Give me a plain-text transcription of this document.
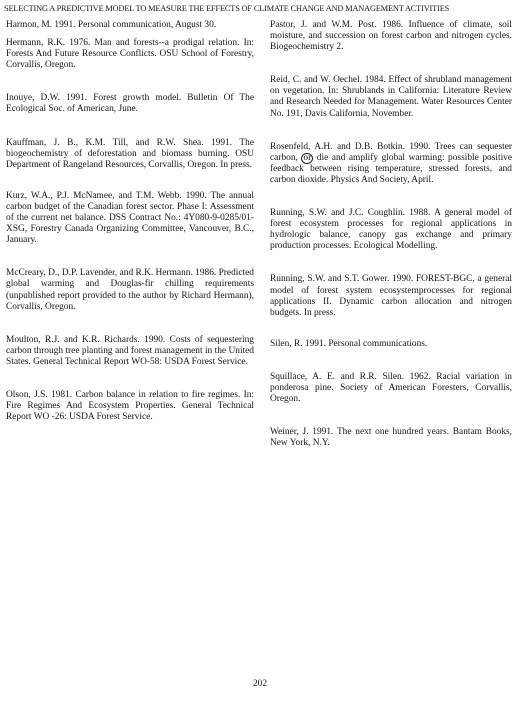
SELECTING A PREDICTIVE MODEL TO MEASURE THE EFFECTS OF CLIMATE CHANGE AND MANAGEMENT ACTIVITIES

Harmon, M. 1991. Personal communication, August 30.

Hermann, R.K. 1976. Man and forests--a prodigal relation. In: Forests And Future Resource Conflicts. OSU School of Forestry, Corvallis, Oregon.

Inouye, D.W. 1991. Forest growth model. Bulletin Of The Ecological Soc. of American, June.

Kauffman, J. B., K.M. Till, and R.W. Shea. 1991. The biogeochemistry of deforestation and biomass burning. OSU Department of Rangeland Resources, Corvallis, Oregon. In press.

Kurz, W.A., P.J. McNamee, and T.M. Webb. 1990. The annual carbon budget of the Canadian forest sector. Phase I: Assessment of the current net balance. DSS Contract No.: 4Y080-9-0285/01-XSG, Forestry Canada Organizing Committee, Vancouver, B.C., January.

McCreary, D., D.P. Lavender, and R.K. Hermann. 1986. Predicted global warming and Douglas-fir chilling requirements (unpublished report provided to the author by Richard Hermann), Corvallis, Oregon.

Moulton, R.J. and K.R. Richards. 1990. Costs of sequestering carbon through tree planting and forest management in the United States. General Technical Report WO-58: USDA Forest Service.

Olson, J.S. 1981. Carbon balance in relation to fire regimes. In: Fire Regimes And Ecosystem Properties. General Technical Report WO -26: USDA Forest Service.

Pastor, J. and W.M. Post. 1986. Influence of climate, soil moisture, and succession on forest carbon and nitrogen cycles. Biogeochemistry 2.

Reid, C. and W. Oechel. 1984. Effect of shrubland management on vegetation. In: Shrublands in California: Literature Review and Research Needed for Management. Water Resources Center No. 191, Davis California, November.

Rosenfeld, A.H. and D.B. Botkin. 1990. Trees can sequester carbon, or die and amplify global warming: possible positive feedback between rising temperature, stressed forests, and carbon dioxide. Physics And Society, April.

Running, S.W. and J.C. Coughlin. 1988. A general model of forest ecosystem processes for regional applications in hydrologic balance, canopy gas exchange and primary production processes. Ecological Modelling.

Running, S.W. and S.T. Gower. 1990. FOREST-BGC, a general model of forest system ecosystemprocesses for regional applications II. Dynamic carbon allocation and nitrogen budgets. In press.

Silen, R. 1991. Personal communications.

Squillace, A. E. and R.R. Silen. 1962. Racial variation in ponderosa pine. Society of American Foresters, Corvallis, Oregon.

Weiner, J. 1991. The next one hundred years. Bantam Books, New York, N.Y.

202
